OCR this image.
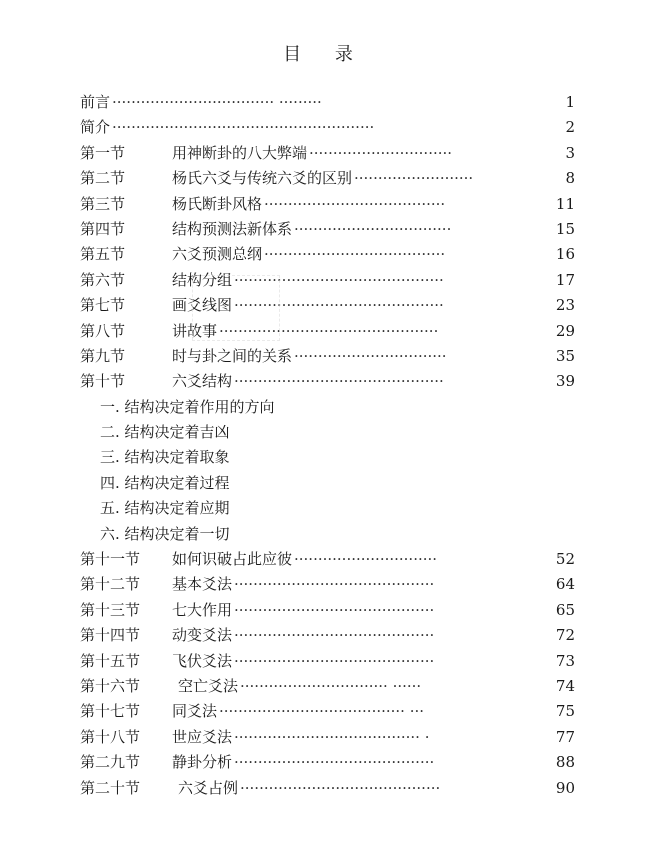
目 录
前言	1
·································· ·········
简介	2
·······················································
第一节	用神断卦的八大弊端	3
······························
第二节	杨氏六爻与传统六爻的区别	8
·························
第三节	杨氏断卦风格	11
······································
第四节	结构预测法新体系	15
·································
第五节	六爻预测总纲	16
······································
第六节	结构分组	17
············································
第七节	画爻线图	23
············································
第八节	讲故事	29
··············································
第九节	时与卦之间的关系	35
································
第十节	六爻结构	39
············································
一. 结构决定着作用的方向
二. 结构决定着吉凶
三. 结构决定着取象
四. 结构决定着过程
五. 结构决定着应期
六. 结构决定着一切
第十一节 如何识破占此应彼	52
······························
第十二节 基本爻法	64
··········································
第十三节 七大作用	65
··········································
第十四节 动变爻法	72
··········································
第十五节 飞伏爻法	73
··········································
第十六节	空亡爻法	74
······························· ······
第十七节 同爻法	75
······································· ···
第十八节 世应爻法	77
······································· ·
第二九节 静卦分析	88
··········································
第二十节	六爻占例	90
··········································
